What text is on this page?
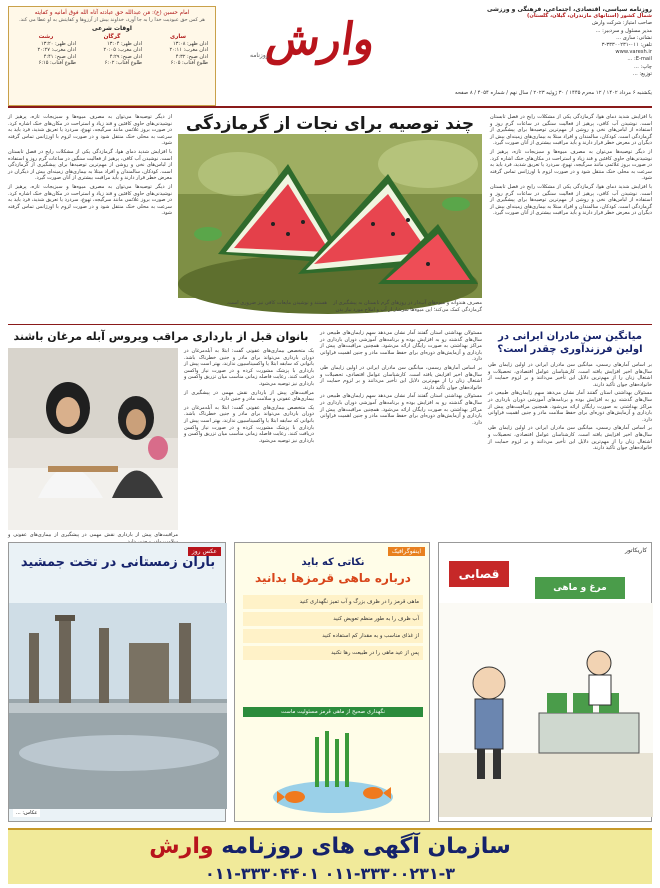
روزنامه سیاسی، اقتصادی، اجتماعی، فرهنگی و ورزشی
شمال کشور (استانهای مازندران، گیلان، گلستان)
صاحب امتیاز: شرکت وارش
مدیر مسئول و سردبیر: ...
نشانی: ساری ...
تلفن: ۰۱۱-۳۳۳۰۰۲۳۱-۳
www.varesh.ir
E-mail: ...
چاپ: ...
توزیع: ...
وارش
روزنامه
یکشنبه ۶ مرداد ۱۴۰۲ / ۱۲ محرم ۱۴۴۵ / ۳۰ ژوئیه ۲۰۲۳ / سال نهم / شماره ۴۰۵۴ / ۸ صفحه
امام حسین (ع): مَن عبدالله حق عبادته آتاه الله فوق أمانیه و کفایته
هر کس حق عبودیت خدا را به جا آورد، خداوند بیش از آرزوها و کفایتش به او عطا می کند.
اوقات شرعی
ساری
اذان ظهر: ۱۳:۰۸
اذان مغرب: ۲۰:۱۱
اذان صبح: ۴:۳۲
طلوع آفتاب: ۶:۰۵
گرگان
اذان ظهر: ۱۳:۰۴
اذان مغرب: ۲۰:۰۵
اذان صبح: ۴:۲۹
طلوع آفتاب: ۶:۰۲
رشت
اذان ظهر: ۱۳:۲۰
اذان مغرب: ۲۰:۲۷
اذان صبح: ۴:۴۱
طلوع آفتاب: ۶:۱۵
چند توصیه برای نجات از گرمازدگی	با افزایش شدید دمای هوا، گرمازدگی یکی از مشکلات رایج در فصل تابستان است. نوشیدن آب کافی، پرهیز از فعالیت سنگین در ساعات گرم روز و استفاده از لباس‌های نخی و روشن از مهم‌ترین توصیه‌ها برای پیشگیری از گرمازدگی است. کودکان، سالمندان و افراد مبتلا به بیماری‌های زمینه‌ای بیش از دیگران در معرض خطر قرار دارند و باید مراقبت بیشتری از آنان صورت گیرد.

از دیگر توصیه‌ها می‌توان به مصرف میوه‌ها و سبزیجات تازه، پرهیز از نوشیدنی‌های حاوی کافئین و قند زیاد و استراحت در مکان‌های خنک اشاره کرد. در صورت بروز علائمی مانند سرگیجه، تهوع، سردرد یا تعریق شدید، فرد باید به سرعت به محلی خنک منتقل شود و در صورت لزوم با اورژانس تماس گرفته شود.

با افزایش شدید دمای هوا، گرمازدگی یکی از مشکلات رایج در فصل تابستان است. نوشیدن آب کافی، پرهیز از فعالیت سنگین در ساعات گرم روز و استفاده از لباس‌های نخی و روشن از مهم‌ترین توصیه‌ها برای پیشگیری از گرمازدگی است. کودکان، سالمندان و افراد مبتلا به بیماری‌های زمینه‌ای بیش از دیگران در معرض خطر قرار دارند و باید مراقبت بیشتری از آنان صورت گیرد.

مصرف هندوانه و میوه‌های آب‌دار در روزهای گرم تابستان به پیشگیری از گرمازدگی کمک می‌کند؛ این میوه‌ها سرشار از آب و املاح مورد نیاز بدن هستند و نوشیدن مایعات کافی نیز ضروری است.

از دیگر توصیه‌ها می‌توان به مصرف میوه‌ها و سبزیجات تازه، پرهیز از نوشیدنی‌های حاوی کافئین و قند زیاد و استراحت در مکان‌های خنک اشاره کرد. در صورت بروز علائمی مانند سرگیجه، تهوع، سردرد یا تعریق شدید، فرد باید به سرعت به محلی خنک منتقل شود و در صورت لزوم با اورژانس تماس گرفته شود.

با افزایش شدید دمای هوا، گرمازدگی یکی از مشکلات رایج در فصل تابستان است. نوشیدن آب کافی، پرهیز از فعالیت سنگین در ساعات گرم روز و استفاده از لباس‌های نخی و روشن از مهم‌ترین توصیه‌ها برای پیشگیری از گرمازدگی است. کودکان، سالمندان و افراد مبتلا به بیماری‌های زمینه‌ای بیش از دیگران در معرض خطر قرار دارند و باید مراقبت بیشتری از آنان صورت گیرد.

از دیگر توصیه‌ها می‌توان به مصرف میوه‌ها و سبزیجات تازه، پرهیز از نوشیدنی‌های حاوی کافئین و قند زیاد و استراحت در مکان‌های خنک اشاره کرد. در صورت بروز علائمی مانند سرگیجه، تهوع، سردرد یا تعریق شدید، فرد باید به سرعت به محلی خنک منتقل شود و در صورت لزوم با اورژانس تماس گرفته شود.

میانگین سن مادران ایرانی در اولین فرزندآوری چقدر است؟

بر اساس آمارهای رسمی، میانگین سن مادران ایرانی در اولین زایمان طی سال‌های اخیر افزایش یافته است. کارشناسان عوامل اقتصادی، تحصیلات و اشتغال زنان را از مهم‌ترین دلایل این تأخیر می‌دانند و بر لزوم حمایت از خانواده‌های جوان تأکید دارند.

مسئولان بهداشتی استان گفتند آمار نشان می‌دهد سهم زایمان‌های طبیعی در سال‌های گذشته رو به افزایش بوده و برنامه‌های آموزشی دوران بارداری در مراکز بهداشتی به صورت رایگان ارائه می‌شود. همچنین مراقبت‌های پیش از بارداری و آزمایش‌های دوره‌ای برای حفظ سلامت مادر و جنین اهمیت فراوانی دارد.

بر اساس آمارهای رسمی، میانگین سن مادران ایرانی در اولین زایمان طی سال‌های اخیر افزایش یافته است. کارشناسان عوامل اقتصادی، تحصیلات و اشتغال زنان را از مهم‌ترین دلایل این تأخیر می‌دانند و بر لزوم حمایت از خانواده‌های جوان تأکید دارند.

مسئولان بهداشتی استان گفتند آمار نشان می‌دهد سهم زایمان‌های طبیعی در سال‌های گذشته رو به افزایش بوده و برنامه‌های آموزشی دوران بارداری در مراکز بهداشتی به صورت رایگان ارائه می‌شود. همچنین مراقبت‌های پیش از بارداری و آزمایش‌های دوره‌ای برای حفظ سلامت مادر و جنین اهمیت فراوانی دارد.

بر اساس آمارهای رسمی، میانگین سن مادران ایرانی در اولین زایمان طی سال‌های اخیر افزایش یافته است. کارشناسان عوامل اقتصادی، تحصیلات و اشتغال زنان را از مهم‌ترین دلایل این تأخیر می‌دانند و بر لزوم حمایت از خانواده‌های جوان تأکید دارند.

مسئولان بهداشتی استان گفتند آمار نشان می‌دهد سهم زایمان‌های طبیعی در سال‌های گذشته رو به افزایش بوده و برنامه‌های آموزشی دوران بارداری در مراکز بهداشتی به صورت رایگان ارائه می‌شود. همچنین مراقبت‌های پیش از بارداری و آزمایش‌های دوره‌ای برای حفظ سلامت مادر و جنین اهمیت فراوانی دارد.

بانوان قبل از بارداری مراقب ویروس آبله مرغان باشند

مراقبت‌های پیش از بارداری نقش مهمی در پیشگیری از بیماری‌های عفونی و

یک متخصص بیماری‌های عفونی گفت: ابتلا به آبله‌مرغان در دوران بارداری می‌تواند برای مادر و جنین خطرناک باشد. بانوانی که سابقه ابتلا یا واکسیناسیون ندارند، بهتر است پیش از بارداری با پزشک مشورت کرده و در صورت نیاز واکسن دریافت کنند. رعایت فاصله زمانی مناسب میان تزریق واکسن و بارداری نیز توصیه می‌شود.

مراقبت‌های پیش از بارداری نقش مهمی در پیشگیری از بیماری‌های عفونی و سلامت مادر و جنین دارد.

یک متخصص بیماری‌های عفونی گفت: ابتلا به آبله‌مرغان در دوران بارداری می‌تواند برای مادر و جنین خطرناک باشد. بانوانی که سابقه ابتلا یا واکسیناسیون ندارند، بهتر است پیش از بارداری با پزشک مشورت کرده و در صورت نیاز واکسن دریافت کنند. رعایت فاصله زمانی مناسب میان تزریق واکسن و بارداری نیز توصیه می‌شود.

عکس روز
باران زمستانی در تخت جمشید
عکاس: ...
اینفوگرافیک
نکاتی که باید
درباره ماهی قرمزها بدانید
ماهی قرمز را در ظرف بزرگ و آب تمیز نگهداری کنید
آب ظرف را به طور منظم تعویض کنید
از غذای مناسب و به مقدار کم استفاده کنید
پس از عید ماهی را در طبیعت رها نکنید
نگهداری صحیح از ماهی قرمز مسئولیت ماست
کاریکاتور
قصابی
مرغ و ماهی
سازمان آگهی های روزنامه وارش
۰۱۱-۳۳۳۰۰۲۳۱-۳ ۰۱۱-۳۳۳۰۴۴۰۱
